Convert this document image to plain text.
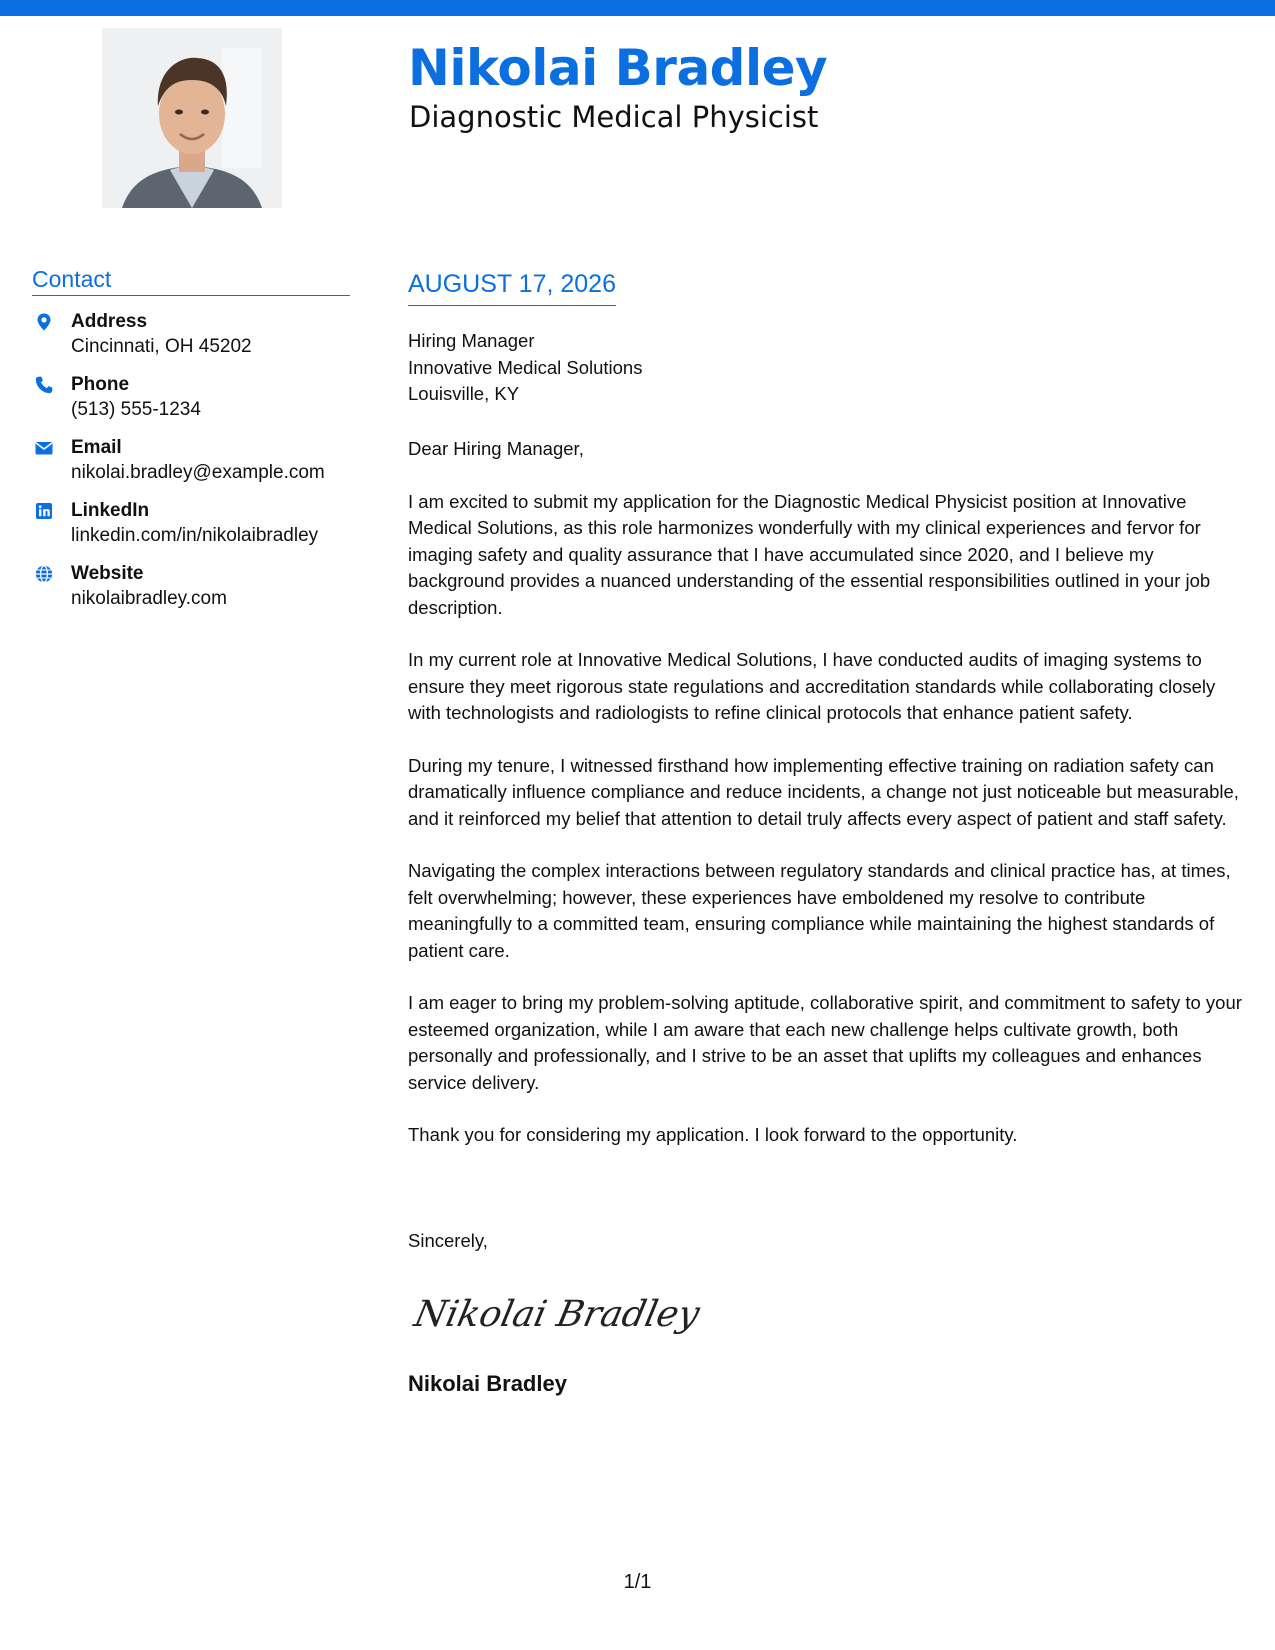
Nikolai Bradley
Diagnostic Medical Physicist
Contact
Address
Cincinnati, OH 45202
Phone
(513) 555-1234
Email
nikolai.bradley@example.com
LinkedIn
linkedin.com/in/nikolaibradley
Website
nikolaibradley.com
AUGUST 17, 2026
Hiring Manager
Innovative Medical Solutions
Louisville, KY

Dear Hiring Manager,

I am excited to submit my application for the Diagnostic Medical Physicist position at Innovative Medical Solutions, as this role harmonizes wonderfully with my clinical experiences and fervor for imaging safety and quality assurance that I have accumulated since 2020, and I believe my background provides a nuanced understanding of the essential responsibilities outlined in your job description.

In my current role at Innovative Medical Solutions, I have conducted audits of imaging systems to ensure they meet rigorous state regulations and accreditation standards while collaborating closely with technologists and radiologists to refine clinical protocols that enhance patient safety.

During my tenure, I witnessed firsthand how implementing effective training on radiation safety can dramatically influence compliance and reduce incidents, a change not just noticeable but measurable, and it reinforced my belief that attention to detail truly affects every aspect of patient and staff safety.

Navigating the complex interactions between regulatory standards and clinical practice has, at times, felt overwhelming; however, these experiences have emboldened my resolve to contribute meaningfully to a committed team, ensuring compliance while maintaining the highest standards of patient care.

I am eager to bring my problem-solving aptitude, collaborative spirit, and commitment to safety to your esteemed organization, while I am aware that each new challenge helps cultivate growth, both personally and professionally, and I strive to be an asset that uplifts my colleagues and enhances service delivery.

Thank you for considering my application. I look forward to the opportunity.

Sincerely,
Nikolai Bradley
Nikolai Bradley
1/1
